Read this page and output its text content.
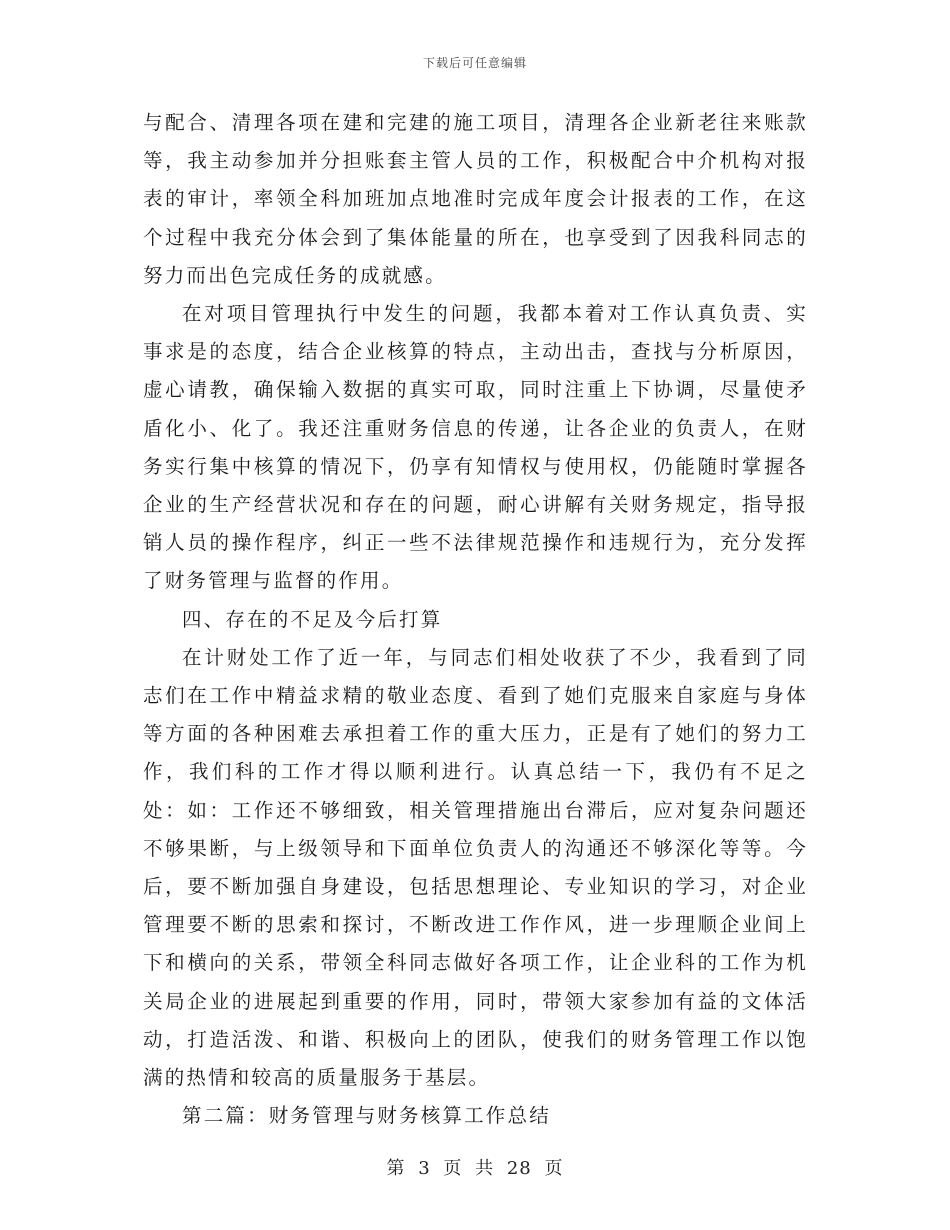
下载后可任意编辑

与配合、清理各项在建和完建的施工项目，清理各企业新老往来账款等，我主动参加并分担账套主管人员的工作，积极配合中介机构对报表的审计，率领全科加班加点地准时完成年度会计报表的工作，在这个过程中我充分体会到了集体能量的所在，也享受到了因我科同志的努力而出色完成任务的成就感。

在对项目管理执行中发生的问题，我都本着对工作认真负责、实事求是的态度，结合企业核算的特点，主动出击，查找与分析原因，虚心请教，确保输入数据的真实可取，同时注重上下协调，尽量使矛盾化小、化了。我还注重财务信息的传递，让各企业的负责人，在财务实行集中核算的情况下，仍享有知情权与使用权，仍能随时掌握各企业的生产经营状况和存在的问题，耐心讲解有关财务规定，指导报销人员的操作程序，纠正一些不法律规范操作和违规行为，充分发挥了财务管理与监督的作用。

四、存在的不足及今后打算

在计财处工作了近一年，与同志们相处收获了不少，我看到了同志们在工作中精益求精的敬业态度、看到了她们克服来自家庭与身体等方面的各种困难去承担着工作的重大压力，正是有了她们的努力工作，我们科的工作才得以顺利进行。认真总结一下，我仍有不足之处：如：工作还不够细致，相关管理措施出台滞后，应对复杂问题还不够果断，与上级领导和下面单位负责人的沟通还不够深化等等。今后，要不断加强自身建设，包括思想理论、专业知识的学习，对企业管理要不断的思索和探讨，不断改进工作作风，进一步理顺企业间上下和横向的关系，带领全科同志做好各项工作，让企业科的工作为机关局企业的进展起到重要的作用，同时，带领大家参加有益的文体活动，打造活泼、和谐、积极向上的团队，使我们的财务管理工作以饱满的热情和较高的质量服务于基层。

第二篇：财务管理与财务核算工作总结

第 3 页 共 28 页
